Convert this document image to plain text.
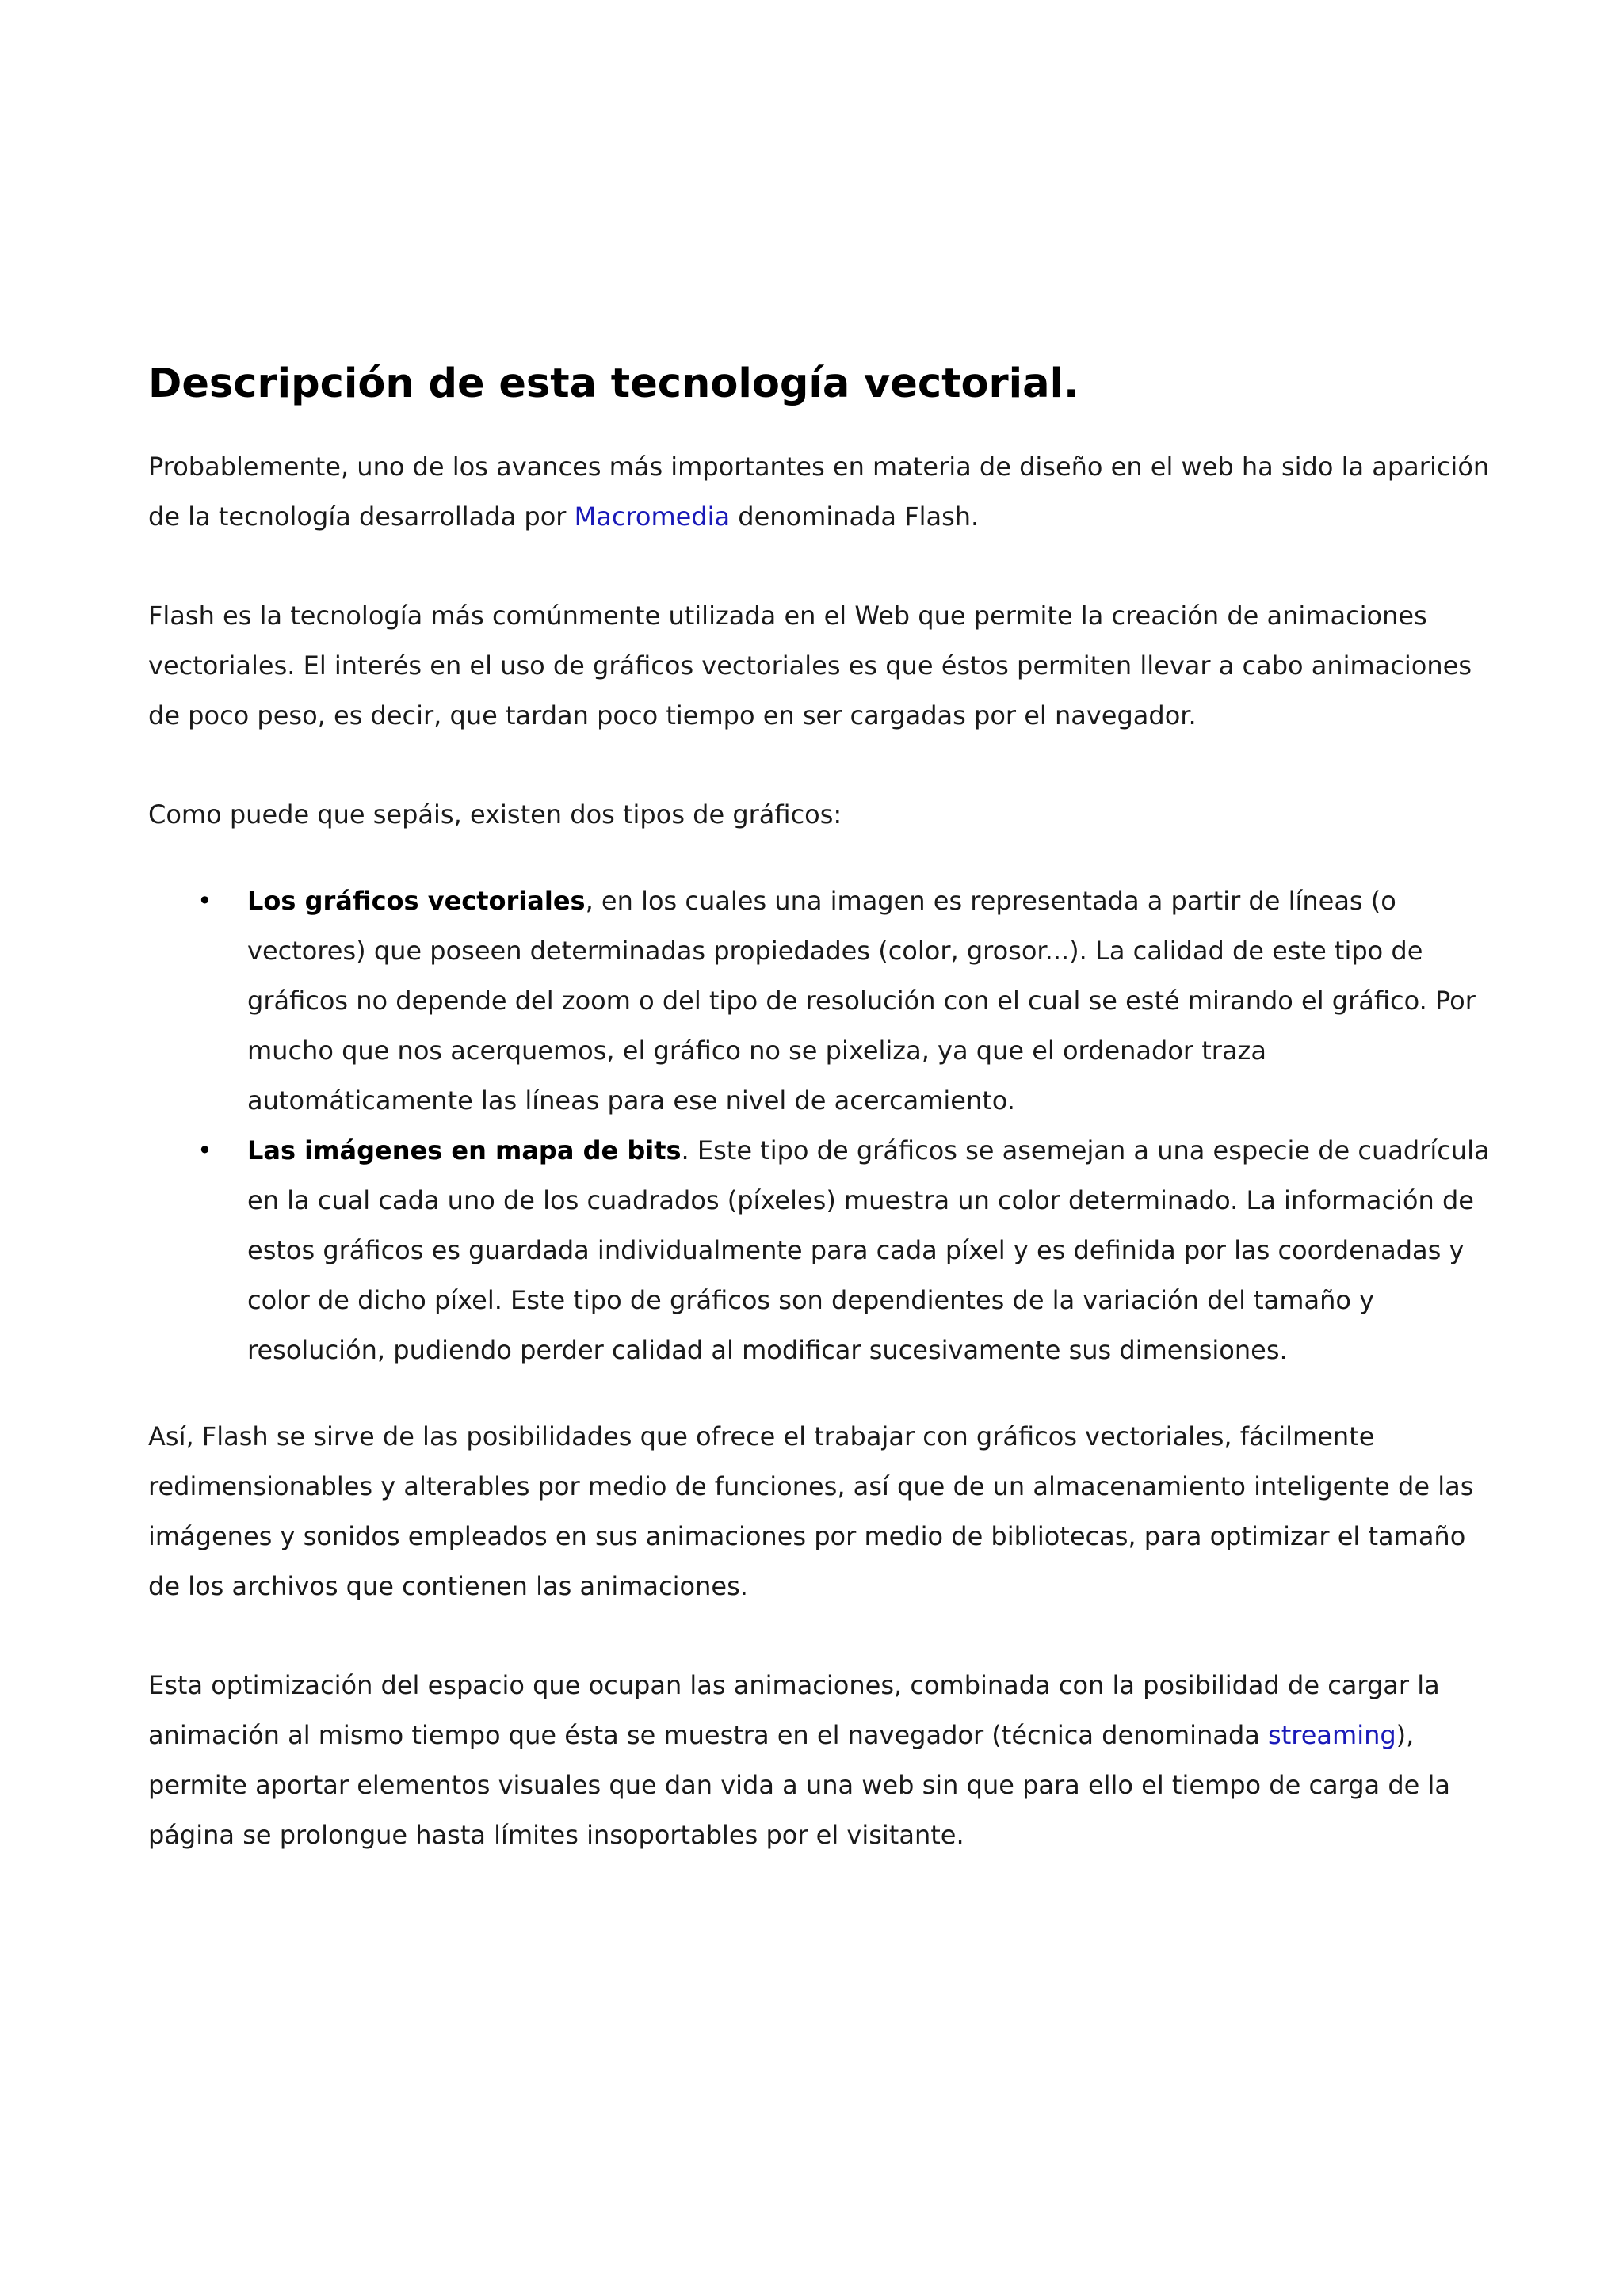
Descripción de esta tecnología vectorial.

Probablemente, uno de los avances más importantes en materia de diseño en el web ha sido la aparición de la tecnología desarrollada por Macromedia denominada Flash.

Flash es la tecnología más comúnmente utilizada en el Web que permite la creación de animaciones vectoriales. El interés en el uso de gráficos vectoriales es que éstos permiten llevar a cabo animaciones de poco peso, es decir, que tardan poco tiempo en ser cargadas por el navegador.

Como puede que sepáis, existen dos tipos de gráficos:

• Los gráficos vectoriales, en los cuales una imagen es representada a partir de líneas (o vectores) que poseen determinadas propiedades (color, grosor...). La calidad de este tipo de gráficos no depende del zoom o del tipo de resolución con el cual se esté mirando el gráfico. Por mucho que nos acerquemos, el gráfico no se pixeliza, ya que el ordenador traza automáticamente las líneas para ese nivel de acercamiento.
• Las imágenes en mapa de bits. Este tipo de gráficos se asemejan a una especie de cuadrícula en la cual cada uno de los cuadrados (píxeles) muestra un color determinado. La información de estos gráficos es guardada individualmente para cada píxel y es definida por las coordenadas y color de dicho píxel. Este tipo de gráficos son dependientes de la variación del tamaño y resolución, pudiendo perder calidad al modificar sucesivamente sus dimensiones.

Así, Flash se sirve de las posibilidades que ofrece el trabajar con gráficos vectoriales, fácilmente redimensionables y alterables por medio de funciones, así que de un almacenamiento inteligente de las imágenes y sonidos empleados en sus animaciones por medio de bibliotecas, para optimizar el tamaño de los archivos que contienen las animaciones.

Esta optimización del espacio que ocupan las animaciones, combinada con la posibilidad de cargar la animación al mismo tiempo que ésta se muestra en el navegador (técnica denominada streaming), permite aportar elementos visuales que dan vida a una web sin que para ello el tiempo de carga de la página se prolongue hasta límites insoportables por el visitante.
